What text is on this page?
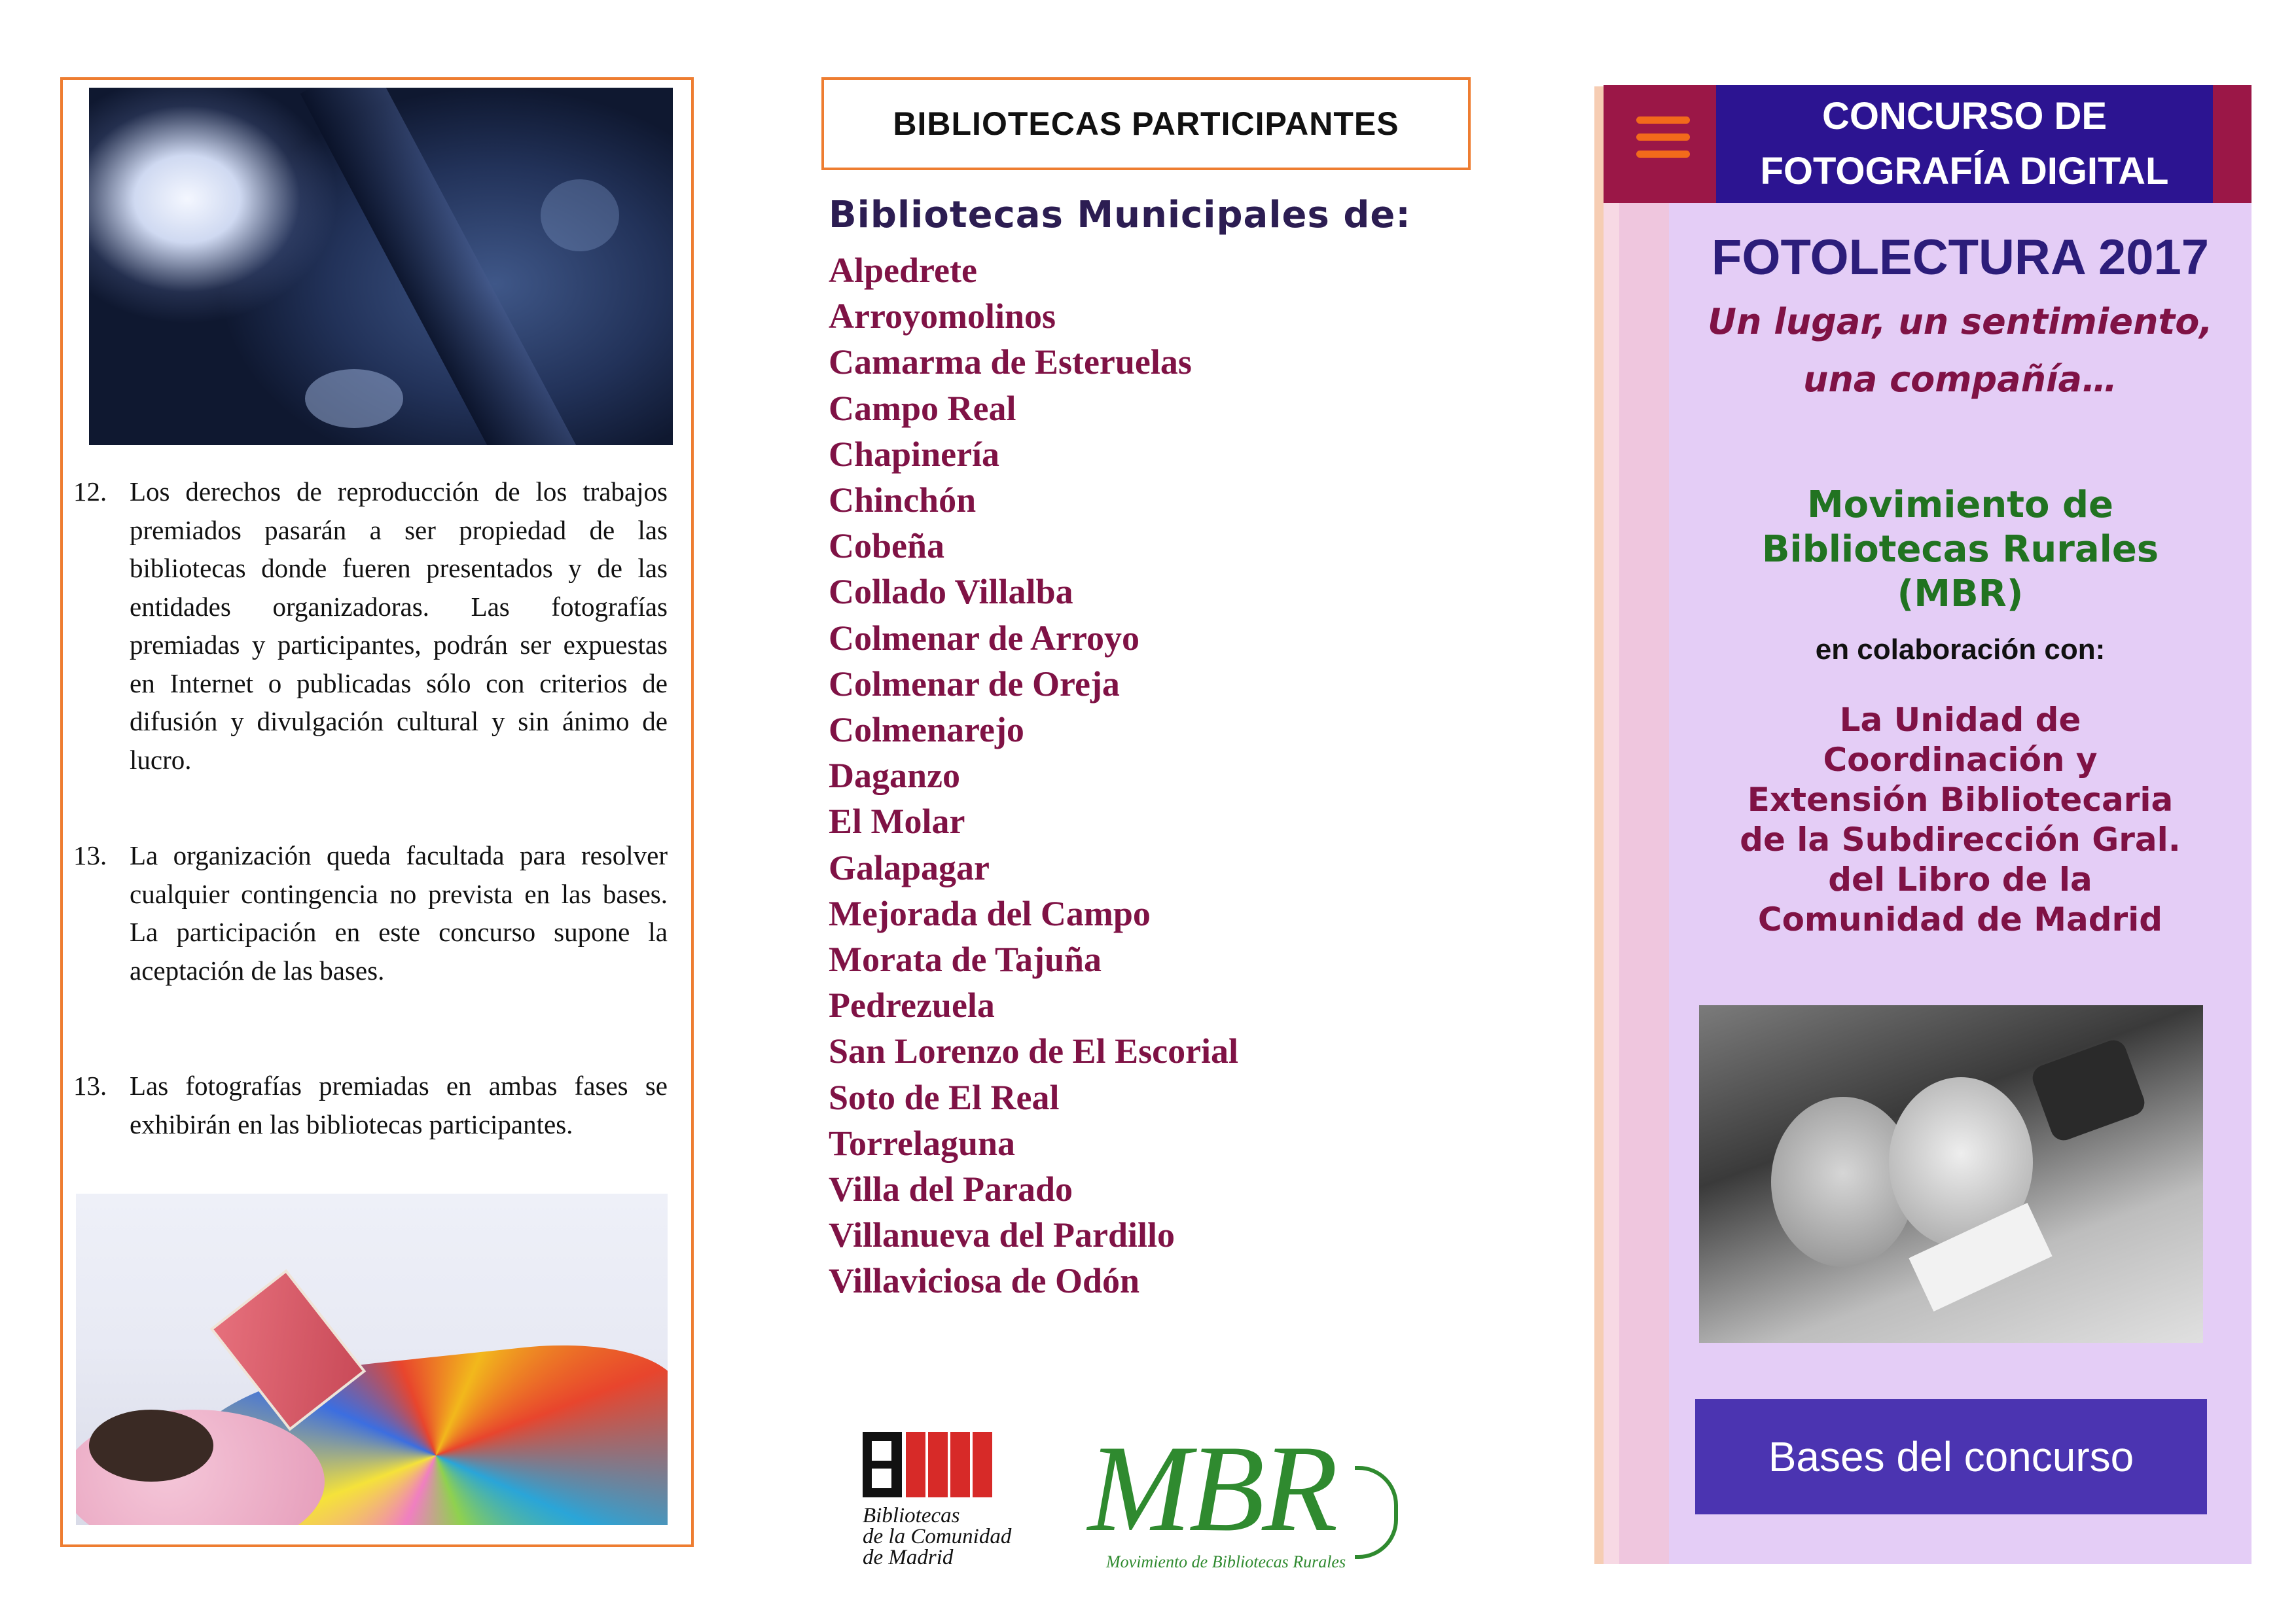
12. Los derechos de reproducción de los trabajos premiados pasarán a ser propiedad de las bibliotecas donde fueren presentados y de las entidades organizadoras. Las fotografías premiadas y participantes, podrán ser expuestas en Internet o publicadas sólo con criterios de difusión y divulgación cultural y sin ánimo de lucro.
13. La organización queda facultada para resolver cualquier contingencia no prevista en las bases. La participación en este concurso supone la aceptación de las bases.
13. Las fotografías premiadas en ambas fases se exhibirán en las bibliotecas participantes.
BIBLIOTECAS PARTICIPANTES
Bibliotecas Municipales de:
Alpedrete
Arroyomolinos
Camarma de Esteruelas
Campo Real
Chapinería
Chinchón
Cobeña
Collado Villalba
Colmenar de Arroyo
Colmenar de Oreja
Colmenarejo
Daganzo
El Molar
Galapagar
Mejorada del Campo
Morata de Tajuña
Pedrezuela
San Lorenzo de El Escorial
Soto de El Real
Torrelaguna
Villa del Parado
Villanueva del Pardillo
Villaviciosa de Odón
Bibliotecas
de la Comunidad
de Madrid	MBR
Movimiento de Bibliotecas Rurales
CONCURSO DE
FOTOGRAFÍA DIGITAL
FOTOLECTURA 2017
Un lugar, un sentimiento,
una compañía…
Movimiento de
Bibliotecas Rurales
(MBR)
en colaboración con:
La Unidad de
Coordinación y
Extensión Bibliotecaria
de la Subdirección Gral.
del Libro de la
Comunidad de Madrid
Bases del concurso
